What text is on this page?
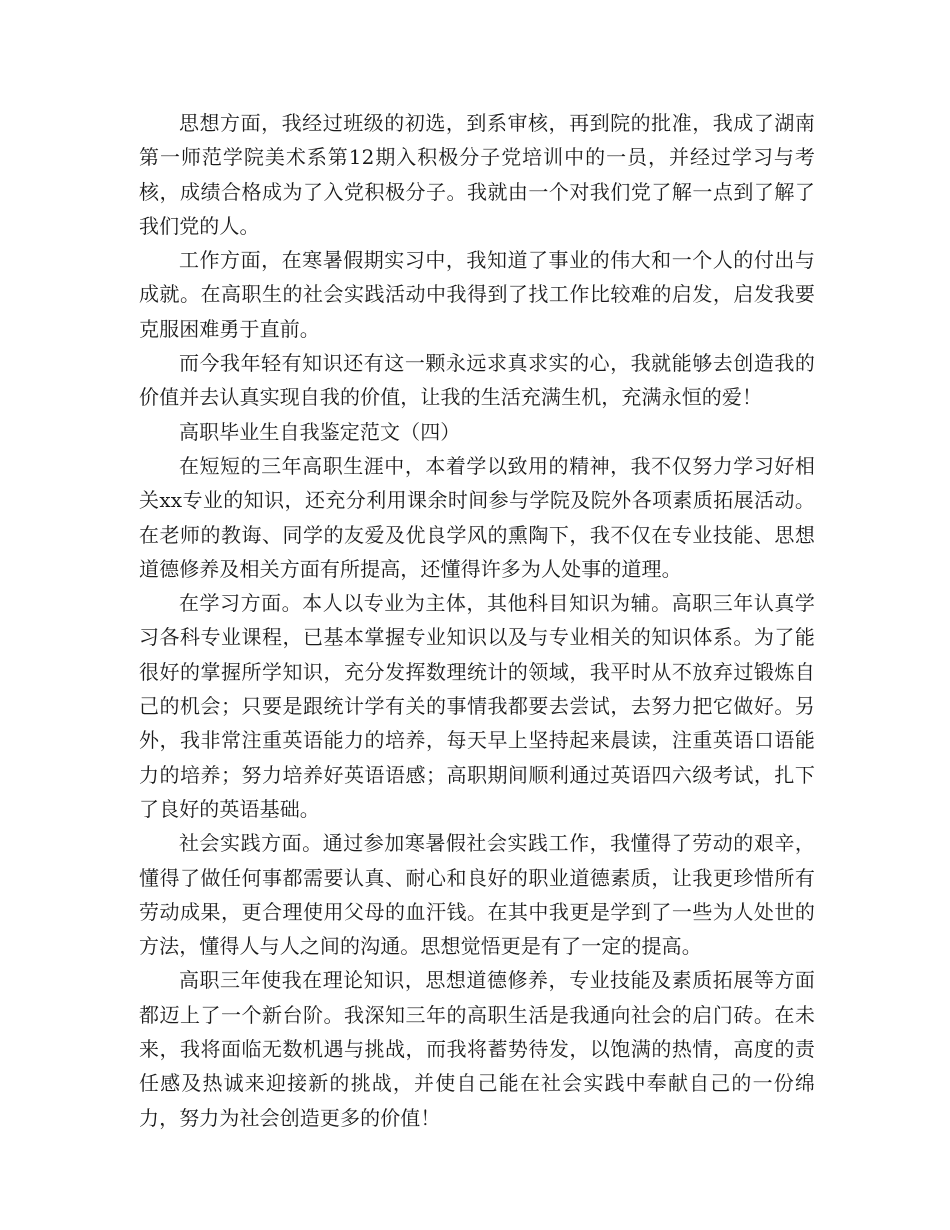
思想方面，我经过班级的初选，到系审核，再到院的批准，我成了湖南第一师范学院美术系第12期入积极分子党培训中的一员，并经过学习与考核，成绩合格成为了入党积极分子。我就由一个对我们党了解一点到了解了我们党的人。

工作方面，在寒暑假期实习中，我知道了事业的伟大和一个人的付出与成就。在高职生的社会实践活动中我得到了找工作比较难的启发，启发我要克服困难勇于直前。

而今我年轻有知识还有这一颗永远求真求实的心，我就能够去创造我的价值并去认真实现自我的价值，让我的生活充满生机，充满永恒的爱！

高职毕业生自我鉴定范文（四）

在短短的三年高职生涯中，本着学以致用的精神，我不仅努力学习好相关xx专业的知识，还充分利用课余时间参与学院及院外各项素质拓展活动。在老师的教诲、同学的友爱及优良学风的熏陶下，我不仅在专业技能、思想道德修养及相关方面有所提高，还懂得许多为人处事的道理。

在学习方面。本人以专业为主体，其他科目知识为辅。高职三年认真学习各科专业课程，已基本掌握专业知识以及与专业相关的知识体系。为了能很好的掌握所学知识，充分发挥数理统计的领域，我平时从不放弃过锻炼自己的机会；只要是跟统计学有关的事情我都要去尝试，去努力把它做好。另外，我非常注重英语能力的培养，每天早上坚持起来晨读，注重英语口语能力的培养；努力培养好英语语感；高职期间顺利通过英语四六级考试，扎下了良好的英语基础。

社会实践方面。通过参加寒暑假社会实践工作，我懂得了劳动的艰辛，懂得了做任何事都需要认真、耐心和良好的职业道德素质，让我更珍惜所有劳动成果，更合理使用父母的血汗钱。在其中我更是学到了一些为人处世的方法，懂得人与人之间的沟通。思想觉悟更是有了一定的提高。

高职三年使我在理论知识，思想道德修养，专业技能及素质拓展等方面都迈上了一个新台阶。我深知三年的高职生活是我通向社会的启门砖。在未来，我将面临无数机遇与挑战，而我将蓄势待发，以饱满的热情，高度的责任感及热诚来迎接新的挑战，并使自己能在社会实践中奉献自己的一份绵力，努力为社会创造更多的价值！
